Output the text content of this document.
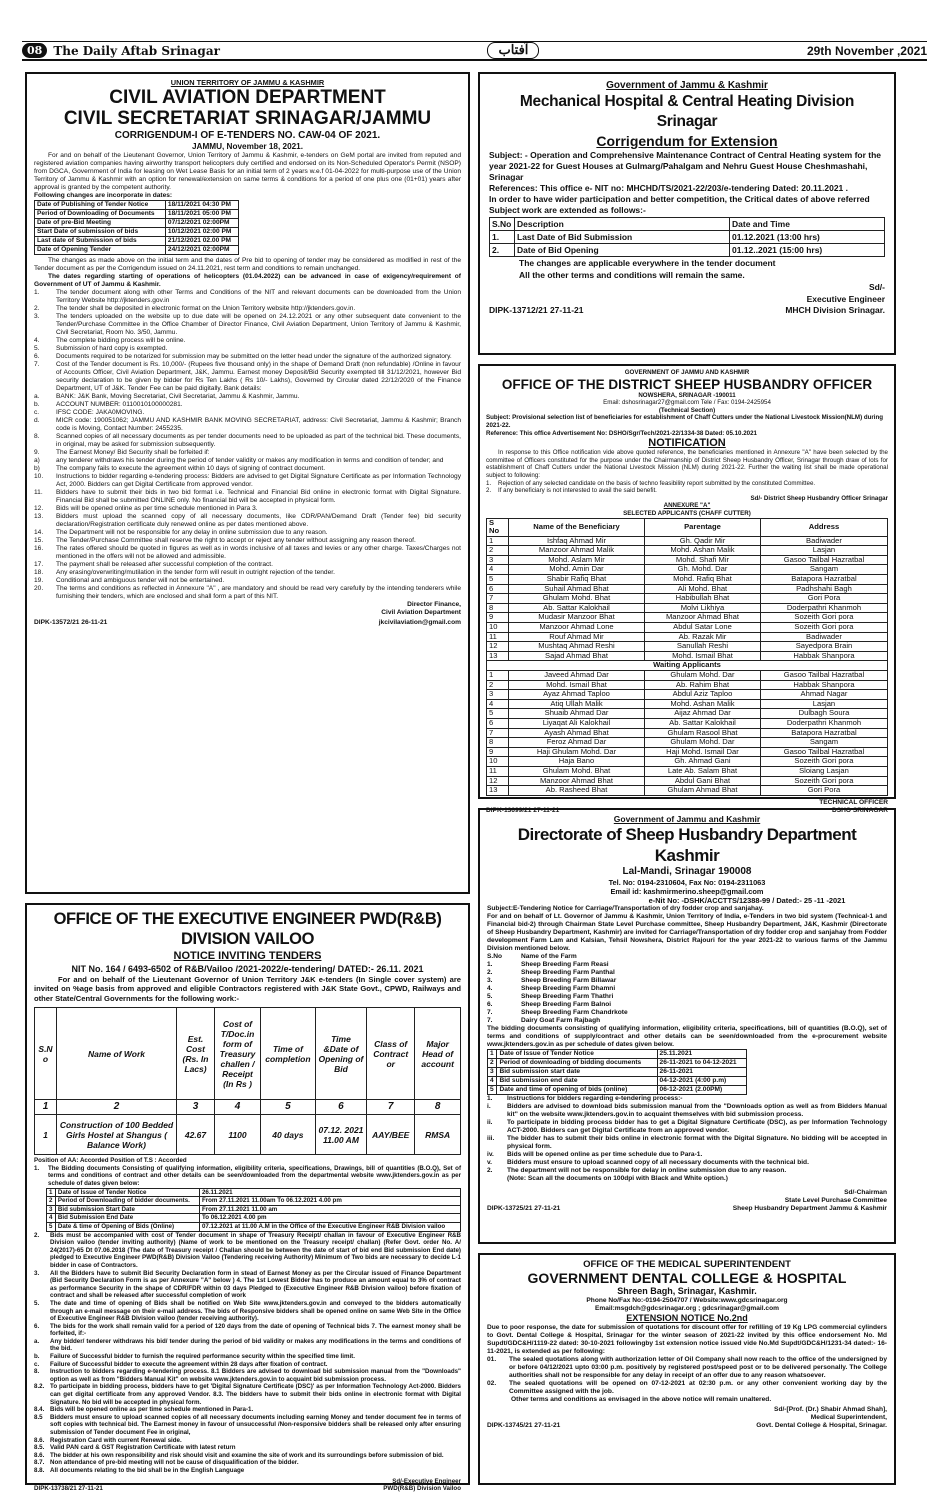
08 The Daily Aftab Srinagar	آفتاب	29th November ,2021
UNION TERRITORY OF JAMMU & KASHMIR
CIVIL AVIATION DEPARTMENT
CIVIL SECRETARIAT SRINAGAR/JAMMU
CORRIGENDUM-I OF E-TENDERS NO. CAW-04 OF 2021.
JAMMU, November 18, 2021.
For and on behalf of the Lieutenant Governor, Union Territory of Jammu & Kashmir, e-tenders on GeM portal are invited from reputed and registered aviation companies having airworthy transport helicopters duly certified and endorsed on its Non-Scheduled Operator's Permit (NSOP) from DGCA, Government of India for leasing on Wet Lease Basis for an initial term of 2 years w.e.f 01-04-2022 for multi-purpose use of the Union Territory of Jammu & Kashmir with an option for renewal/extension on same terms & conditions for a period of one plus one (01+01) years after approval is granted by the competent authority.
Following changes are incorporate in dates:
Date of Publishing of Tender Notice	18/11/2021 04:30 PM
Period of Downloading of Documents	18/11/2021 05:00 PM
Date of pre-Bid Meeting	07/12/2021 02:00PM
Start Date of submission of bids	10/12/2021 02:00 PM
Last date of Submission of bids	21/12/2021 02.00 PM
Date of Opening Tender	24/12/2021 02:00PM
The changes as made above on the initial term and the dates of Pre bid to opening of tender may be considered as modified in rest of the Tender document as per the Corrigendum issued on 24.11.2021, rest term and conditions to remain unchanged.
The dates regarding starting of operations of helicopters (01.04.2022) can be advanced in case of exigency/requirement of Government of UT of Jammu & Kashmir.
1.	The tender document along with other Terms and Conditions of the NIT and relevant documents can be downloaded from the Union Territory Website http://jktenders.gov.in
2.	The tender shall be deposited in electronic format on the Union Territory website http://jktenders.gov.in.
3.	The tenders uploaded on the website up to due date will be opened on 24.12.2021 or any other subsequent date convenient to the Tender/Purchase Committee in the Office Chamber of Director Finance, Civil Aviation Department, Union Territory of Jammu & Kashmir, Civil Secretariat, Room No. 3/50, Jammu.
4.	The complete bidding process will be online.
5.	Submission of hard copy is exempted.
6.	Documents required to be notarized for submission may be submitted on the letter head under the signature of the authorized signatory.
7.	Cost of the Tender document is Rs. 10,000/- (Rupees five thousand only) in the shape of Demand Draft (non refundable) /Online in favour of Accounts Officer, Civil Aviation Department, J&K, Jammu. Earnest money Deposit/Bid Security exempted till 31/12/2021, however Bid security declaration to be given by bidder for Rs Ten Lakhs ( Rs 10/- Lakhs), Governed by Circular dated 22/12/2020 of the Finance Department, UT of J&K. Tender Fee can be paid digitally. Bank details:
a.	BANK: J&K Bank, Moving Secretariat, Civil Secretariat, Jammu & Kashmir, Jammu.
b.	ACCOUNT NUMBER: 0110010100000281.
c.	IFSC CODE: JAKA0MOVING.
d.	MICR code: 190051062; JAMMU AND KASHMIR BANK MOVING SECRETARIAT, address: Civil Secretariat, Jammu & Kashmir; Branch code is Moving, Contact Number: 2455235.
8.	Scanned copies of all necessary documents as per tender documents need to be uploaded as part of the technical bid. These documents, in original, may be asked for submission subsequently.
9.	The Earnest Money/ Bid Security shall be forfeited if:
a)	any tenderer withdraws his tender during the period of tender validity or makes any modification in terms and condition of tender; and
b)	The company fails to execute the agreement within 10 days of signing of contract document.
10.	Instructions to bidder regarding e-tendering process: Bidders are advised to get Digital Signature Certificate as per Information Technology Act, 2000. Bidders can get Digital Certificate from approved vendor.
11.	Bidders have to submit their bids in two bid format i.e. Technical and Financial Bid online in electronic format with Digital Signature. Financial Bid shall be submitted ONLINE only. No financial bid will be accepted in physical form.
12.	Bids will be opened online as per time schedule mentioned in Para 3.
13.	Bidders must upload the scanned copy of all necessary documents, like CDR/PAN/Demand Draft (Tender fee) bid security declaration/Registration certificate duly renewed online as per dates mentioned above.
14.	The Department will not be responsible for any delay in online submission due to any reason.
15.	The Tender/Purchase Committee shall reserve the right to accept or reject any tender without assigning any reason thereof.
16.	The rates offered should be quoted in figures as well as in words inclusive of all taxes and levies or any other charge. Taxes/Charges not mentioned in the offers will not be allowed and admissible.
17.	The payment shall be released after successful completion of the contract.
18.	Any erasing/overwriting/mutilation in the tender form will result in outright rejection of the tender.
19.	Conditional and ambiguous tender will not be entertained.
20.	The terms and conditions as reflected in Annexure "A" , are mandatory and should be read very carefully by the intending tenderers while furnishing their tenders, which are enclosed and shall form a part of this NIT.
Director Finance,
Civil Aviation Department
DIPK-13572/21 26-11-21	jkcivilaviation@gmail.com
Government of Jammu & Kashmir
Mechanical Hospital & Central Heating Division Srinagar
Corrigendum for Extension
Subject: - Operation and Comprehensive Maintenance Contract of Central Heating system for the year 2021-22 for Guest Houses at Gulmarg/Pahalgam and Nehru Guest House Cheshmashahi, Srinagar
References: This office e- NIT no: MHCHD/TS/2021-22/203/e-tendering Dated: 20.11.2021 .
In order to have wider participation and better competition, the Critical dates of above referred Subject work are extended as follows:-
S.No	Description	Date and Time
1.	Last Date of Bid Submission	01.12.2021 (13:00 hrs)
2.	Date of Bid Opening	01.12..2021 (15:00 hrs)
The changes are applicable everywhere in the tender document
All the other terms and conditions will remain the same.
Sd/-
Executive Engineer
DIPK-13712/21 27-11-21	MHCH Division Srinagar.
GOVERNMENT OF JAMMU AND KASHMIR
OFFICE OF THE DISTRICT SHEEP HUSBANDRY OFFICER
NOWSHERA, SRINAGAR -190011
Email: dshosrinagar27@gmail.com Tele / Fax: 0194-2425954
(Technical Section)
Subject: Provisional selection list of beneficiaries for establishment of Chaff Cutters under the National Livestock Mission(NLM) during 2021-22.
Reference: This office Advertisement No: DSHO/Sgr/Tech/2021-22/1334-38 Dated: 05.10.2021
NOTIFICATION
In response to this Office notification vide above quoted reference, the beneficiaries mentioned in Annexure "A" have been selected by the committee of Officers constituted for the purpose under the Chairmanship of District Sheep Husbandry Officer, Srinagar through draw of lots for establishment of Chaff Cutters under the National Livestock Mission (NLM) during 2021-22. Further the waiting list shall be made operational subject to following:
1.	Rejection of any selected candidate on the basis of techno feasibility report submitted by the constituted Committee.
2.	If any beneficiary is not interested to avail the said benefit.
Sd/- District Sheep Husbandry Officer Srinagar
ANNEXURE "A"
SELECTED APPLICANTS (CHAFF CUTTER)
S No	Name of the Beneficiary	Parentage	Address
1	Ishfaq Ahmad Mir	Gh. Qadir Mir	Badiwader
2	Manzoor Ahmad Malik	Mohd. Ashan Malik	Lasjan
3	Mohd. Aslam Mir	Mohd. Shafi Mir	Gasoo Tailbal Hazratbal
4	Mohd. Amin Dar	Gh. Mohd. Dar	Sangam
5	Shabir Rafiq Bhat	Mohd. Rafiq Bhat	Batapora Hazratbal
6	Suhail Ahmad Bhat	Ali Mohd. Bhat	Padhshahi Bagh
7	Ghulam Mohd. Bhat	Habibullah Bhat	Gori Pora
8	Ab. Sattar Kalokhail	Molvi Likhiya	Doderpathri Khanmoh
9	Mudasir Manzoor Bhat	Manzoor Ahmad Bhat	Sozeith Gori pora
10	Manzoor Ahmad Lone	Abdul Satar Lone	Sozeith Gori pora
11	Rouf Ahmad Mir	Ab. Razak Mir	Badiwader
12	Mushtaq Ahmad Reshi	Sanullah Reshi	Sayedpora Brain
13	Sajad Ahmad Bhat	Mohd. Ismail Bhat	Habbak Shanpora
Waiting Applicants			
1	Javeed Ahmad Dar	Ghulam Mohd. Dar	Gasoo Tailbal Hazratbal
2	Mohd. Ismail Bhat	Ab. Rahim Bhat	Habbak Shanpora
3	Ayaz Ahmad Taploo	Abdul Aziz Taploo	Ahmad Nagar
4	Atiq Ullah Malik	Mohd. Ashan Malik	Lasjan
5	Shuaib Ahmad Dar	Aijaz Ahmad Dar	Dulbagh Soura
6	Liyaqat Ali Kalokhail	Ab. Sattar Kalokhail	Doderpathri Khanmoh
7	Ayash Ahmad Bhat	Ghulam Rasool Bhat	Batapora Hazratbal
8	Feroz Ahmad Dar	Ghulam Mohd. Dar	Sangam
9	Haji Ghulam Mohd. Dar	Haji Mohd. Ismail Dar	Gasoo Tailbal Hazratbal
10	Haja Bano	Gh. Ahmad Gani	Sozeith Gori pora
11	Ghulam Mohd. Bhat	Late Ab. Salam Bhat	Sloiang Lasjan
12	Manzoor Ahmad Bhat	Abdul Gani Bhat	Sozeith Gori pora
13	Ab. Rasheed Bhat	Ghulam Ahmad Bhat	Gori Pora
TECHNICAL OFFICER
DIPK-13699/21 27-11-21	DSHO SRINAGAR
Government of Jammu and Kashmir
Directorate of Sheep Husbandry Department Kashmir
Lal-Mandi, Srinagar 190008
Tel. No: 0194-2310604, Fax No: 0194-2311063
Email id: kashmirmerino.sheep@gmail.com
e-Nit No: -DSHK/ACCTTS/12388-99 / Dated:- 25 -11 -2021
Subject:E-Tendering Notice for Carriage/Transportation of dry fodder crop and sanjahay.
For and on behalf of Lt. Governor of Jammu & Kashmir, Union Territory of India, e-Tenders in two bid system (Technical-1 and Financial bid-2) through Chairman State Level Purchase committee, Sheep Husbandry Department, J&K, Kashmir (Directorate of Sheep Husbandry Department, Kashmir) are invited for Carriage/Transportation of dry fodder crop and sanjahay from Fodder development Farm Lam and Kalsian, Tehsil Nowshera, District Rajouri for the year 2021-22 to various farms of the Jammu Division mentioned below.
S.No	Name of the Farm
1.	Sheep Breeding Farm Reasi
2.	Sheep Breeding Farm Panthal
3.	Sheep Breeding Farm Billawar
4.	Sheep Breeding Farm Dhamni
5.	Sheep Breeding Farm Thathri
6.	Sheep Breeding Farm Balnoi
7.	Sheep Breeding Farm Chandrkote
7.	Dairy Goat Farm Rajbagh
The bidding documents consisting of qualifying information, eligibility criteria, specifications, bill of quantities (B.O.Q), set of terms and conditions of supply/contract and other details can be seen/downloaded from the e-procurement website www.jktenders.gov.in as per schedule of dates given below.
1	Date of Issue of Tender Notice	25.11.2021
2	Period of downloading of bidding documents	26-11-2021 to 04-12-2021
3	Bid submission start date	26-11-2021
4	Bid submission end date	04-12-2021 (4:00 p.m)
5	Date and time of opening of bids (online)	06-12-2021 (2.00PM)
1.	Instructions for bidders regarding e-tendering process:-
i.	Bidders are advised to download bids submission manual from the "Downloads option as well as from Bidders Manual kit" on the website www.jktenders.gov.in to acquaint themselves with bid submission process.
ii.	To participate in bidding process bidder has to get a Digital Signature Certificate (DSC), as per Information Technology ACT-2000. Bidders can get Digital Certificate from an approved vendor.
iii.	The bidder has to submit their bids online in electronic format with the Digital Signature. No bidding will be accepted in physical form.
iv.	Bids will be opened online as per time schedule due to Para-1.
v.	Bidders must ensure to upload scanned copy of all necessary documents with the technical bid.
2.	The department will not be responsible for delay in online submission due to any reason.
(Note: Scan all the documents on 100dpi with Black and White option.)
Sd/-Chairman
State Level Purchase Committee
DIPK-13725/21 27-11-21	Sheep Husbandry Department Jammu & Kashmir
OFFICE OF THE EXECUTIVE ENGINEER PWD(R&B) DIVISION VAILOO
NOTICE INVITING TENDERS
NIT No. 164 / 6493-6502 of R&B/Vailoo /2021-2022/e-tendering/ DATED:- 26.11. 2021
For and on behalf of the Lieutenant Governor of Union Territory J&K e-tenders (In Single cover system) are invited on %age basis from approved and eligible Contractors registered with J&K State Govt., CPWD, Railways and other State/Central Governments for the following work:-
S.N o	Name of Work	Est. Cost (Rs. In Lacs)	Cost of T/Doc.in form of Treasury challen / Receipt (In Rs )	Time of completion	Time &Date of Opening of Bid	Class of Contract or	Major Head of account
1	2	3	4	5	6	7	8
1	Construction of 100 Bedded Girls Hostel at Shangus ( Balance Work)	42.67	1100	40 days	07.12. 2021 11.00 AM	AAY/BEE	RMSA
Position of AA: Accorded Position of T.S : Accorded
1.	The Bidding documents Consisting of qualifying information, eligibility criteria, specifications, Drawings, bill of quantities (B.O.Q), Set of terms and conditions of contract and other details can be seen/downloaded from the departmental website www.jktenders.gov.in as per schedule of dates given below:
1	Date of Issue of Tender Notice	26.11.2021
2	Period of Downloading of bidder documents.	From 27.11.2021 11.00am To 06.12.2021 4.00 pm
3	Bid submission Start Date	From 27.11.2021 11.00 am
4	Bid Submission End Date	To 06.12.2021 4.00 pm
5	Date & time of Opening of Bids (Online)	07.12.2021 at 11.00 A.M in the Office of the Executive Engineer R&B Division vailoo
2.	Bids must be accompanied with cost of Tender document in shape of Treasury Receipt/ challan in favour of Executive Engineer R&B Division vailoo (tender inviting authority) (Name of work to be mentioned on the Treasury receipt/ challan) (Refer Govt. order No. A/ 24(2017)-65 Dt 07.06.2018 (The date of Treasury receipt / Challan should be between the date of start of bid end Bid submission End date) pledged to Executive Engineer PWD(R&B) Division Vailoo (Tendering receiving Authority) Minimum of Two bids are necessary to decide L-1 bidder in case of Contractors.
3.	All the Bidders have to submit Bid Security Declaration form in stead of Earnest Money as per the Circular issued of Finance Department (Bid Security Declaration Form is as per Annexure "A" below ) 4. The 1st Lowest Bidder has to produce an amount equal to 3% of contract as performance Security in the shape of CDR/FDR within 03 days Pledged to (Executive Engineer R&B Division vailoo) before fixation of contract and shall be released after successful completion of work
5.	The date and time of opening of Bids shall be notified on Web Site www.jktenders.gov.in and conveyed to the bidders automatically through an e-mail message on their e-mail address. The bids of Responsive bidders shall be opened online on same Web Site in the Office of Executive Engineer R&B Division vailoo (tender receiving authority).
6.	The bids for the work shall remain valid for a period of 120 days from the date of opening of Technical bids 7. The earnest money shall be forfeited, if:-
a.	Any bidder/ tenderer withdraws his bid/ tender during the period of bid validity or makes any modifications in the terms and conditions of the bid.
b.	Failure of Successful bidder to furnish the required performance security within the specified time limit.
c.	Failure of Successful bidder to execute the agreement within 28 days after fixation of contract.
8.	Instruction to bidders regarding e-tendering process. 8.1 Bidders are advised to download bid submission manual from the "Downloads" option as well as from "Bidders Manual Kit" on website www.jktenders.gov.in to acquaint bid submission process.
8.2. To participate in bidding process, bidders have to get 'Digital Signature Certificate (DSC)' as per Information Technology Act-2000. Bidders can get digital certificate from any approved Vendor. 8.3. The bidders have to submit their bids online in electronic format with Digital Signature. No bid will be accepted in physical form.
8.4. Bids will be opened online as per time schedule mentioned in Para-1.
8.5	Bidders must ensure to upload scanned copies of all necessary documents including earning Money and tender document fee in terms of soft copies with technical bid. The Earnest money in favour of unsuccessful /Non-responsive bidders shall be released only after ensuring submission of Tender document Fee in original,
8.6. Registration Card with current Renewal side.
8.5. Valid PAN card & GST Registration Certificate with latest return
8.6. The bidder at his own responsibility and risk should visit and examine the site of work and its surroundings before submission of bid.
8.7. Non attendance of pre-bid meeting will not be cause of disqualification of the bidder.
8.8. All documents relating to the bid shall be in the English Language
Sd/-Executive Engineer
DIPK-13738/21 27-11-21	PWD(R&B) Division Vailoo
OFFICE OF THE MEDICAL SUPERINTENDENT
GOVERNMENT DENTAL COLLEGE & HOSPITAL
Shreen Bagh, Srinagar, Kashmir.
Phone No/Fax No:-0194-2504707 / Website:www.gdcsrinagar.org
Email:msgdch@gdcsrinagar.org ; gdcsrinagar@gmail.com
EXTENSION NOTICE No.2nd
Due to poor response, the date for submission of quotations for discount offer for refilling of 19 Kg LPG commercial cylinders to Govt. Dental College & Hospital, Srinagar for the winter season of 2021-22 invited by this office endorsement No. Md Supdt/GDC&H/1119-22 dated: 30-10-2021 followingby 1st extension notice issued vide No.Md Supdt/GDC&H/1231-34 dated:- 16-11-2021, is extended as per following:
01.	The sealed quotations along with authorization letter of Oil Company shall now reach to the office of the undersigned by or before 04/12/2021 upto 03:00 p.m. positively by registered post/speed post or to be delivered personally. The College authorities shall not be responsible for any delay in receipt of an offer due to any reason whatsoever.
02.	The sealed quotations will be opened on 07-12-2021 at 02:30 p.m. or any other convenient working day by the Committee assigned with the job.
Other terms and conditions as envisaged in the above notice will remain unaltered.
Sd/-[Prof. (Dr.) Shabir Ahmad Shah],
Medical Superintendent,
DIPK-13745/21 27-11-21	Govt. Dental College & Hospital, Srinagar.
